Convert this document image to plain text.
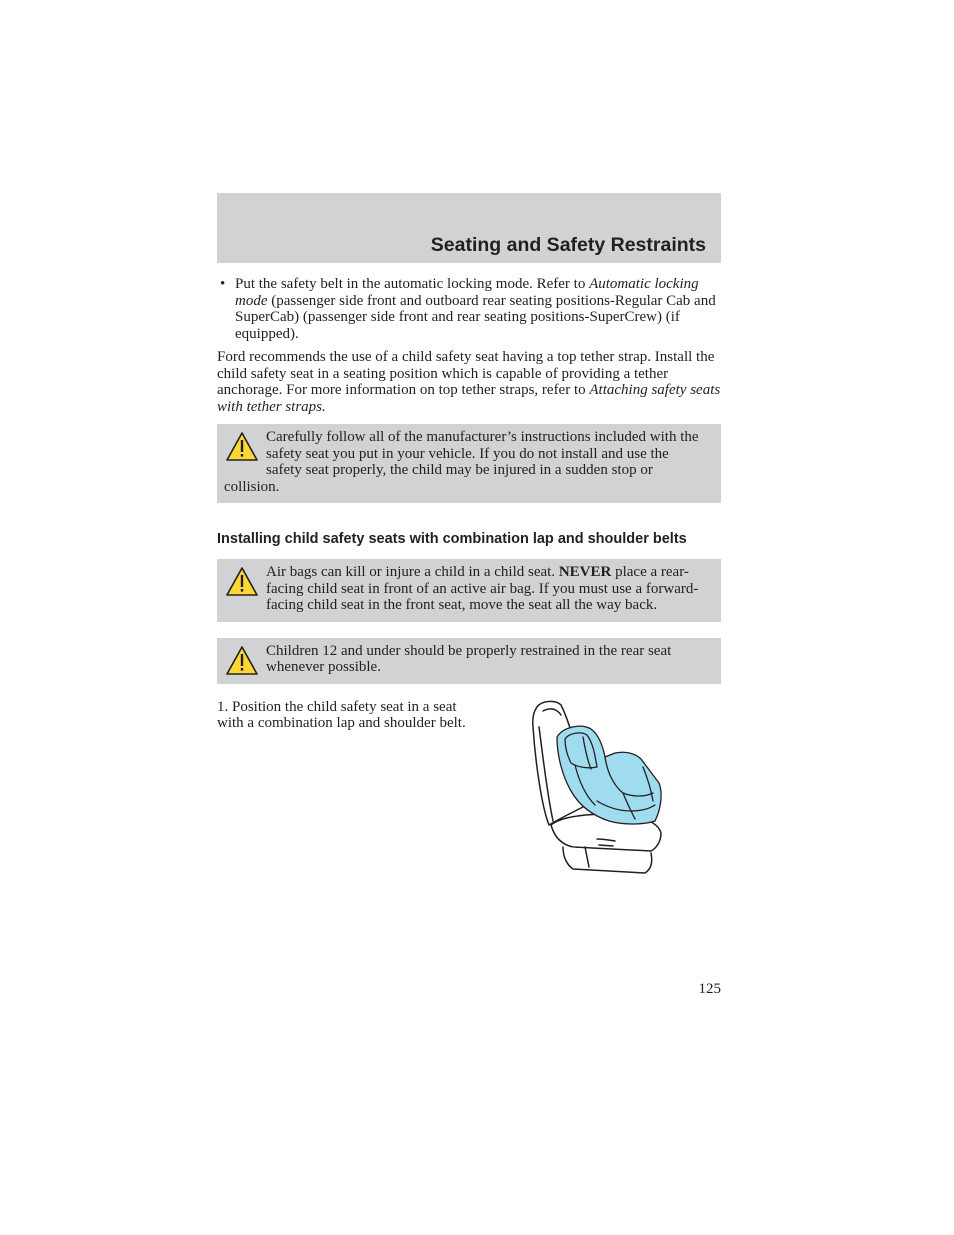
Seating and Safety Restraints
• Put the safety belt in the automatic locking mode. Refer to Automatic locking mode (passenger side front and outboard rear seating positions-Regular Cab and SuperCab) (passenger side front and rear seating positions-SuperCrew) (if equipped).

Ford recommends the use of a child safety seat having a top tether strap. Install the child safety seat in a seating position which is capable of providing a tether anchorage. For more information on top tether straps, refer to Attaching safety seats with tether straps.

Carefully follow all of the manufacturer’s instructions included with the safety seat you put in your vehicle. If you do not install and use the safety seat properly, the child may be injured in a sudden stop or collision.
Installing child safety seats with combination lap and shoulder belts
Air bags can kill or injure a child in a child seat. NEVER place a rear-facing child seat in front of an active air bag. If you must use a forward-facing child seat in the front seat, move the seat all the way back.
Children 12 and under should be properly restrained in the rear seat whenever possible.

1. Position the child safety seat in a seat with a combination lap and shoulder belt.

125
